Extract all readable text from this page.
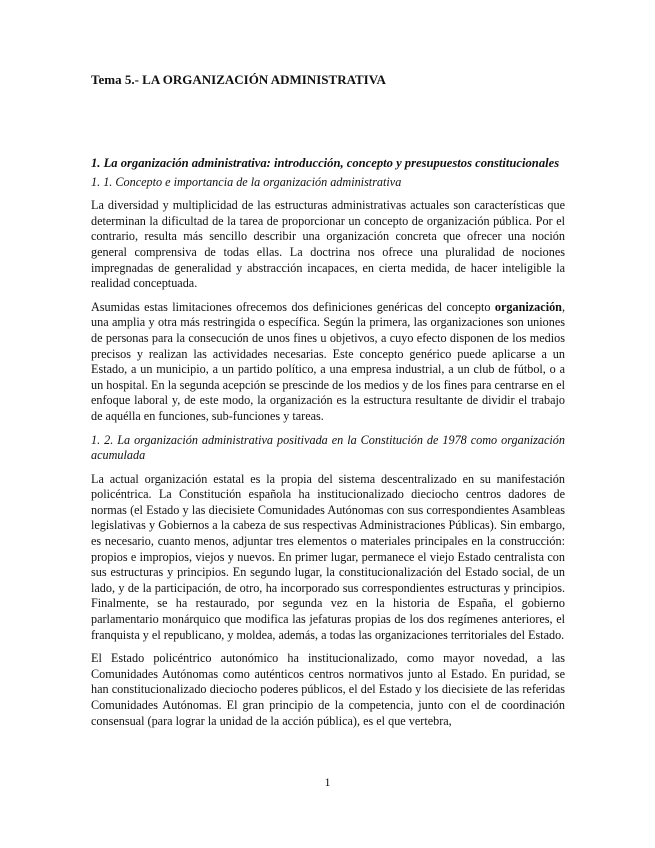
Tema 5.- LA ORGANIZACIÓN ADMINISTRATIVA
1. La organización administrativa: introducción, concepto y presupuestos constitucionales
1. 1. Concepto e importancia de la organización administrativa

La diversidad y multiplicidad de las estructuras administrativas actuales son características que determinan la dificultad de la tarea de proporcionar un concepto de organización pública. Por el contrario, resulta más sencillo describir una organización concreta que ofrecer una noción general comprensiva de todas ellas. La doctrina nos ofrece una pluralidad de nociones impregnadas de generalidad y abstracción incapaces, en cierta medida, de hacer inteligible la realidad conceptuada.

Asumidas estas limitaciones ofrecemos dos definiciones genéricas del concepto organización, una amplia y otra más restringida o específica. Según la primera, las organizaciones son uniones de personas para la consecución de unos fines u objetivos, a cuyo efecto disponen de los medios precisos y realizan las actividades necesarias. Este concepto genérico puede aplicarse a un Estado, a un municipio, a un partido político, a una empresa industrial, a un club de fútbol, o a un hospital. En la segunda acepción se prescinde de los medios y de los fines para centrarse en el enfoque laboral y, de este modo, la organización es la estructura resultante de dividir el trabajo de aquélla en funciones, sub-funciones y tareas.

1. 2. La organización administrativa positivada en la Constitución de 1978 como organización acumulada

La actual organización estatal es la propia del sistema descentralizado en su manifestación policéntrica. La Constitución española ha institucionalizado dieciocho centros dadores de normas (el Estado y las diecisiete Comunidades Autónomas con sus correspondientes Asambleas legislativas y Gobiernos a la cabeza de sus respectivas Administraciones Públicas). Sin embargo, es necesario, cuanto menos, adjuntar tres elementos o materiales principales en la construcción: propios e impropios, viejos y nuevos. En primer lugar, permanece el viejo Estado centralista con sus estructuras y principios. En segundo lugar, la constitucionalización del Estado social, de un lado, y de la participación, de otro, ha incorporado sus correspondientes estructuras y principios. Finalmente, se ha restaurado, por segunda vez en la historia de España, el gobierno parlamentario monárquico que modifica las jefaturas propias de los dos regímenes anteriores, el franquista y el republicano, y moldea, además, a todas las organizaciones territoriales del Estado.

El Estado policéntrico autonómico ha institucionalizado, como mayor novedad, a las Comunidades Autónomas como auténticos centros normativos junto al Estado. En puridad, se han constitucionalizado dieciocho poderes públicos, el del Estado y los diecisiete de las referidas Comunidades Autónomas. El gran principio de la competencia, junto con el de coordinación consensual (para lograr la unidad de la acción pública), es el que vertebra,

1
